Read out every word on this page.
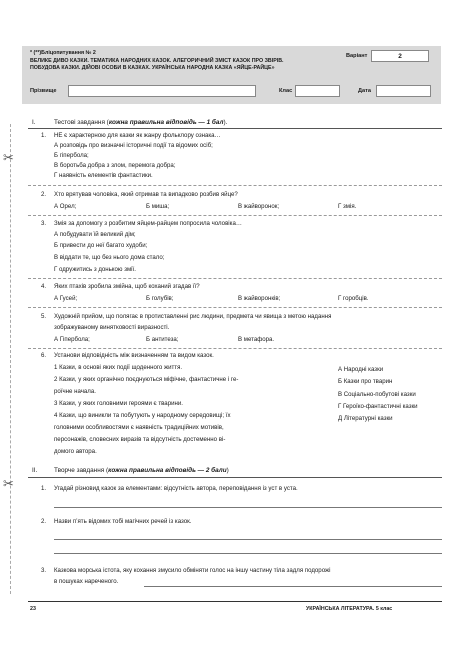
* (**)Бліцопитування № 2
ВЕЛИКЕ ДИВО КАЗКИ. ТЕМАТИКА НАРОДНИХ КАЗОК. АЛЕГОРИЧНИЙ ЗМІСТ КАЗОК ПРО ЗВІРІВ.
ПОБУДОВА КАЗКИ. ДІЙОВІ ОСОБИ В КАЗКАХ. УКРАЇНСЬКА НАРОДНА КАЗКА «ЯЙЦЕ-РАЙЦЕ»
Варіант	2
Прізвище	Клас	Дата
✂
✂
I.	Тестові завдання (кожна правильна відповідь — 1 бал).
1. НЕ є характерною для казки як жанру фольклору ознака…
А розповідь про визначні історичні події та відомих осіб;
Б гіпербола;
В боротьба добра з злом, перемога добра;
Г наявність елементів фантастики.
2. Хто врятував чоловіка, який отримав та випадково розбив яйце?
А Орел;	Б миша;	В жайворонок;	Г змія.
3. Змія за допомогу з розбитим яйцем-райцем попросила чоловіка…
А побудувати їй великий дім;
Б привести до неї багато худоби;
В віддати те, що без нього дома стало;
Г одружитись з донькою змії.
4. Яких птахів зробила змійна, щоб коханий згадав її?
А Гусей;	Б голубів;	В жайворонків;	Г горобців.
5. Художній прийом, що полягає в протиставленні рис людини, предмета чи явища з метою надання
зображуваному винятковості виразності.
А Гіпербола;	Б антитеза;	В метафора.
6. Установи відповідність між визначенням та видом казок.
1 Казки, в основі яких події щоденного життя.
2 Казки, у яких органічно поєднуються міфічне, фантастичне і ге-
роїчне начала.
3 Казки, у яких головними героями є тварини.
4 Казки, що виникли та побутують у народному середовищі; їх
головними особливостями є наявність традиційних мотивів,
персонажів, словесних виразів та відсутність достеменно ві-
домого автора.
А Народні казки
Б Казки про тварин
В Соціально-побутові казки
Г Героїко-фантастичні казки
Д Літературні казки
II.	Творче завдання (кожна правильна відповідь — 2 бали)
1. Угадай різновид казок за елементами: відсутність автора, переповідання із уст в уста.
2. Назви п’ять відомих тобі магічних речей із казок.
3. Казкова морська істота, яку кохання змусило обміняти голос на іншу частину тіла задля подорожі
в пошуках нареченого.
23	УКРАЇНСЬКА ЛІТЕРАТУРА. 5 клас
